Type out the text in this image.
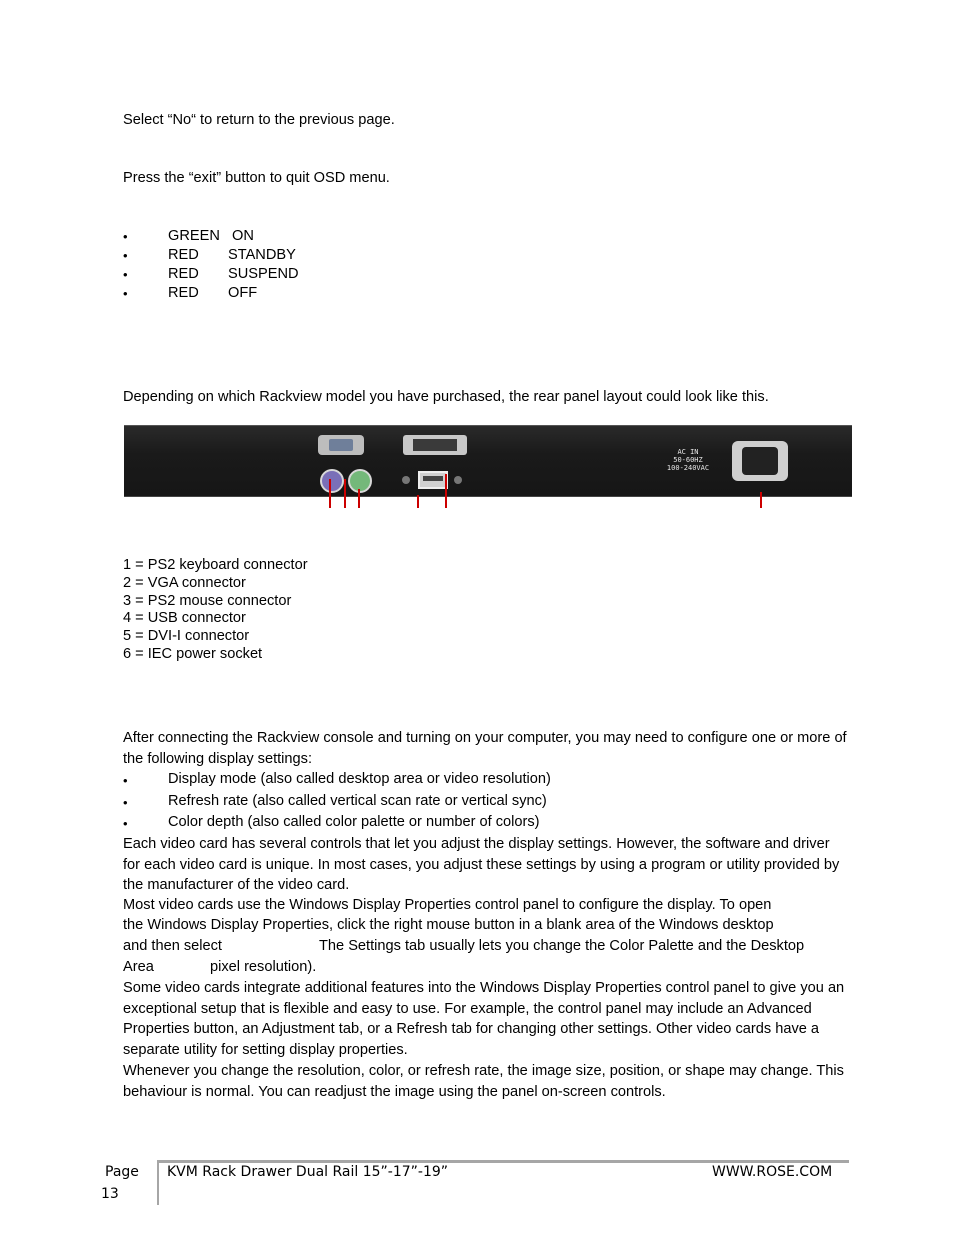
Select “No“ to return to the previous page.
Press the “exit” button to quit OSD menu.
•	GREEN ON
•	RED STANDBY
•	RED SUSPEND
•	RED OFF
Depending on which Rackview model you have purchased, the rear panel layout could look like this.
AC IN
50-60HZ
100-240VAC
1 = PS2 keyboard connector
2 = VGA connector
3 = PS2 mouse connector
4 = USB connector
5 = DVI-I connector
6 = IEC power socket
After connecting the Rackview console and turning on your computer, you may need to configure one or more of the following display settings:
•	Display mode (also called desktop area or video resolution)
•	Refresh rate (also called vertical scan rate or vertical sync)
•	Color depth (also called color palette or number of colors)
Each video card has several controls that let you adjust the display settings. However, the software and driver for each video card is unique. In most cases, you adjust these settings by using a program or utility provided by the manufacturer of the video card.
Most video cards use the Windows Display Properties control panel to configure the display. To open
the Windows Display Properties, click the right mouse button in a blank area of the Windows desktop
and then select	The Settings tab usually lets you change the Color Palette and the Desktop
Area	pixel resolution).
Some video cards integrate additional features into the Windows Display Properties control panel to give you an exceptional setup that is flexible and easy to use. For example, the control panel may include an Advanced Properties button, an Adjustment tab, or a Refresh tab for changing other settings. Other video cards have a separate utility for setting display properties.
Whenever you change the resolution, color, or refresh rate, the image size, position, or shape may change. This behaviour is normal. You can readjust the image using the panel on-screen controls.
Page
13
KVM Rack Drawer Dual Rail 15”-17”-19”	WWW.ROSE.COM
